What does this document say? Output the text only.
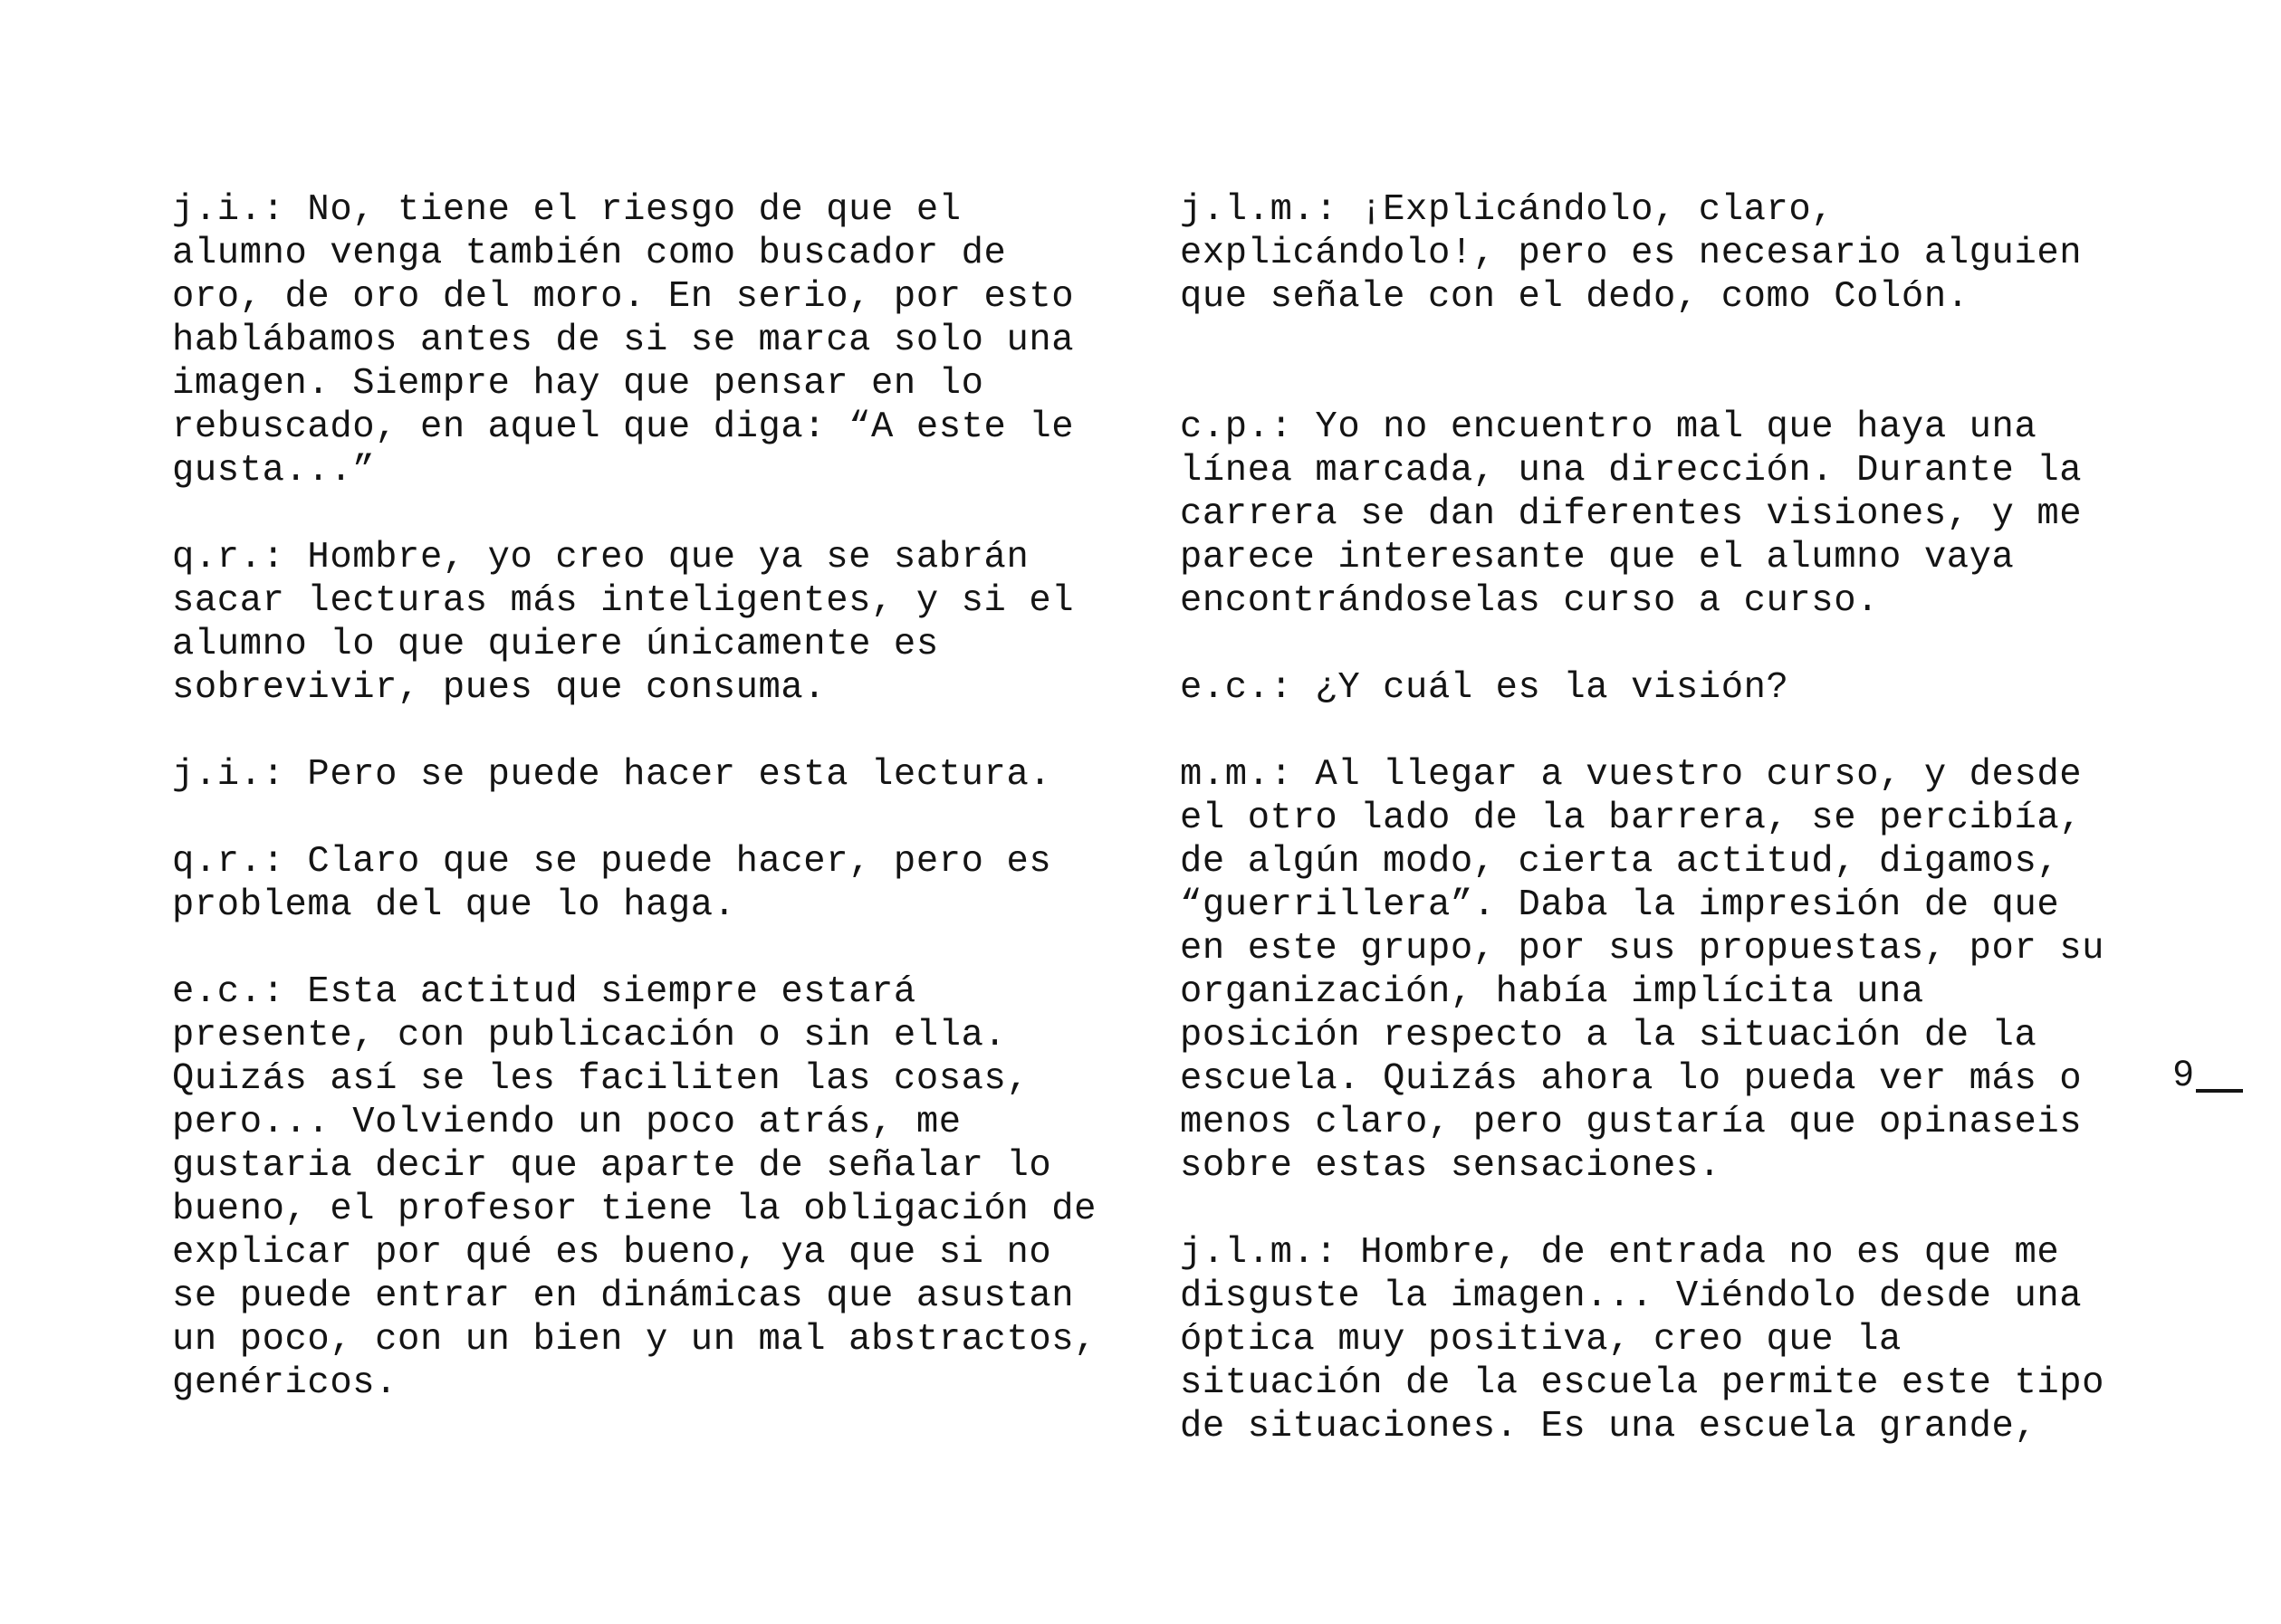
j.i.: No, tiene el riesgo de que el
alumno venga también como buscador de
oro, de oro del moro. En serio, por esto
hablábamos antes de si se marca solo una
imagen. Siempre hay que pensar en lo
rebuscado, en aquel que diga: “A este le
gusta...”
q.r.: Hombre, yo creo que ya se sabrán
sacar lecturas más inteligentes, y si el
alumno lo que quiere únicamente es
sobrevivir, pues que consuma.
j.i.: Pero se puede hacer esta lectura.
q.r.: Claro que se puede hacer, pero es
problema del que lo haga.
e.c.: Esta actitud siempre estará
presente, con publicación o sin ella.
Quizás así se les faciliten las cosas,
pero... Volviendo un poco atrás, me
gustaria decir que aparte de señalar lo
bueno, el profesor tiene la obligación de
explicar por qué es bueno, ya que si no
se puede entrar en dinámicas que asustan
un poco, con un bien y un mal abstractos,
genéricos.
j.l.m.: ¡Explicándolo, claro,
explicándolo!, pero es necesario alguien
que señale con el dedo, como Colón.
c.p.: Yo no encuentro mal que haya una
línea marcada, una dirección. Durante la
carrera se dan diferentes visiones, y me
parece interesante que el alumno vaya
encontrándoselas curso a curso.
e.c.: ¿Y cuál es la visión?
m.m.: Al llegar a vuestro curso, y desde
el otro lado de la barrera, se percibía,
de algún modo, cierta actitud, digamos,
“guerrillera”. Daba la impresión de que
en este grupo, por sus propuestas, por su
organización, había implícita una
posición respecto a la situación de la
escuela. Quizás ahora lo pueda ver más o
menos claro, pero gustaría que opinaseis
sobre estas sensaciones.
j.l.m.: Hombre, de entrada no es que me
disguste la imagen... Viéndolo desde una
óptica muy positiva, creo que la
situación de la escuela permite este tipo
de situaciones. Es una escuela grande,
9
